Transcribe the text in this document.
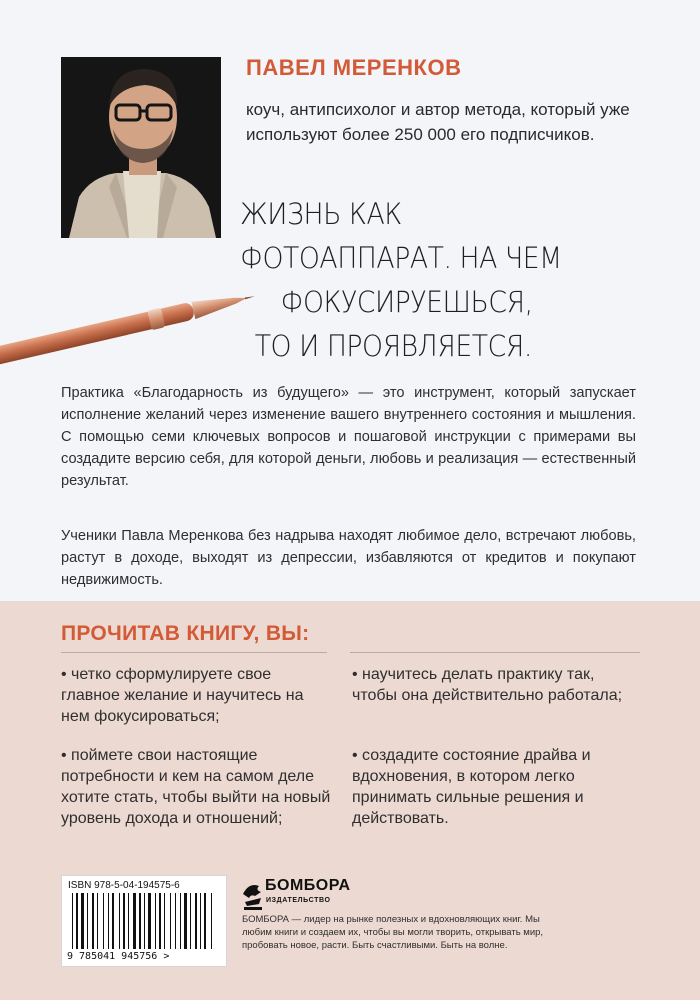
ПАВЕЛ МЕРЕНКОВ
коуч, антипсихолог и автор метода, который уже используют более 250 000 его подписчиков.
ЖИЗНЬ КАК
ФОТОАППАРАТ. НА ЧЕМ
ФОКУСИРУЕШЬСЯ,
ТО И ПРОЯВЛЯЕТСЯ.
Практика «Благодарность из будущего» — это инструмент, который запускает исполнение желаний через изменение вашего внутреннего состояния и мышления. С помощью семи ключевых вопросов и пошаговой инструкции с примерами вы создадите версию себя, для которой деньги, любовь и реализация — естественный результат.
Ученики Павла Меренкова без надрыва находят любимое дело, встречают любовь, растут в доходе, выходят из депрессии, избавляются от кредитов и покупают недвижимость.
ПРОЧИТАВ КНИГУ, ВЫ:
• четко сформулируете свое главное желание и научитесь на нем фокусироваться;
• поймете свои настоящие потребности и кем на самом деле хотите стать, чтобы выйти на новый уровень дохода и отношений;
• научитесь делать практику так, чтобы она действительно работала;
• создадите состояние драйва и вдохновения, в котором легко принимать сильные решения и действовать.
ISBN 978-5-04-194575-6
9 785041 945756 >
БОМБОРА
ИЗДАТЕЛЬСТВО
БОМБОРА — лидер на рынке полезных и вдохновляющих книг. Мы любим книги и создаем их, чтобы вы могли творить, открывать мир, пробовать новое, расти. Быть счастливыми. Быть на волне.
